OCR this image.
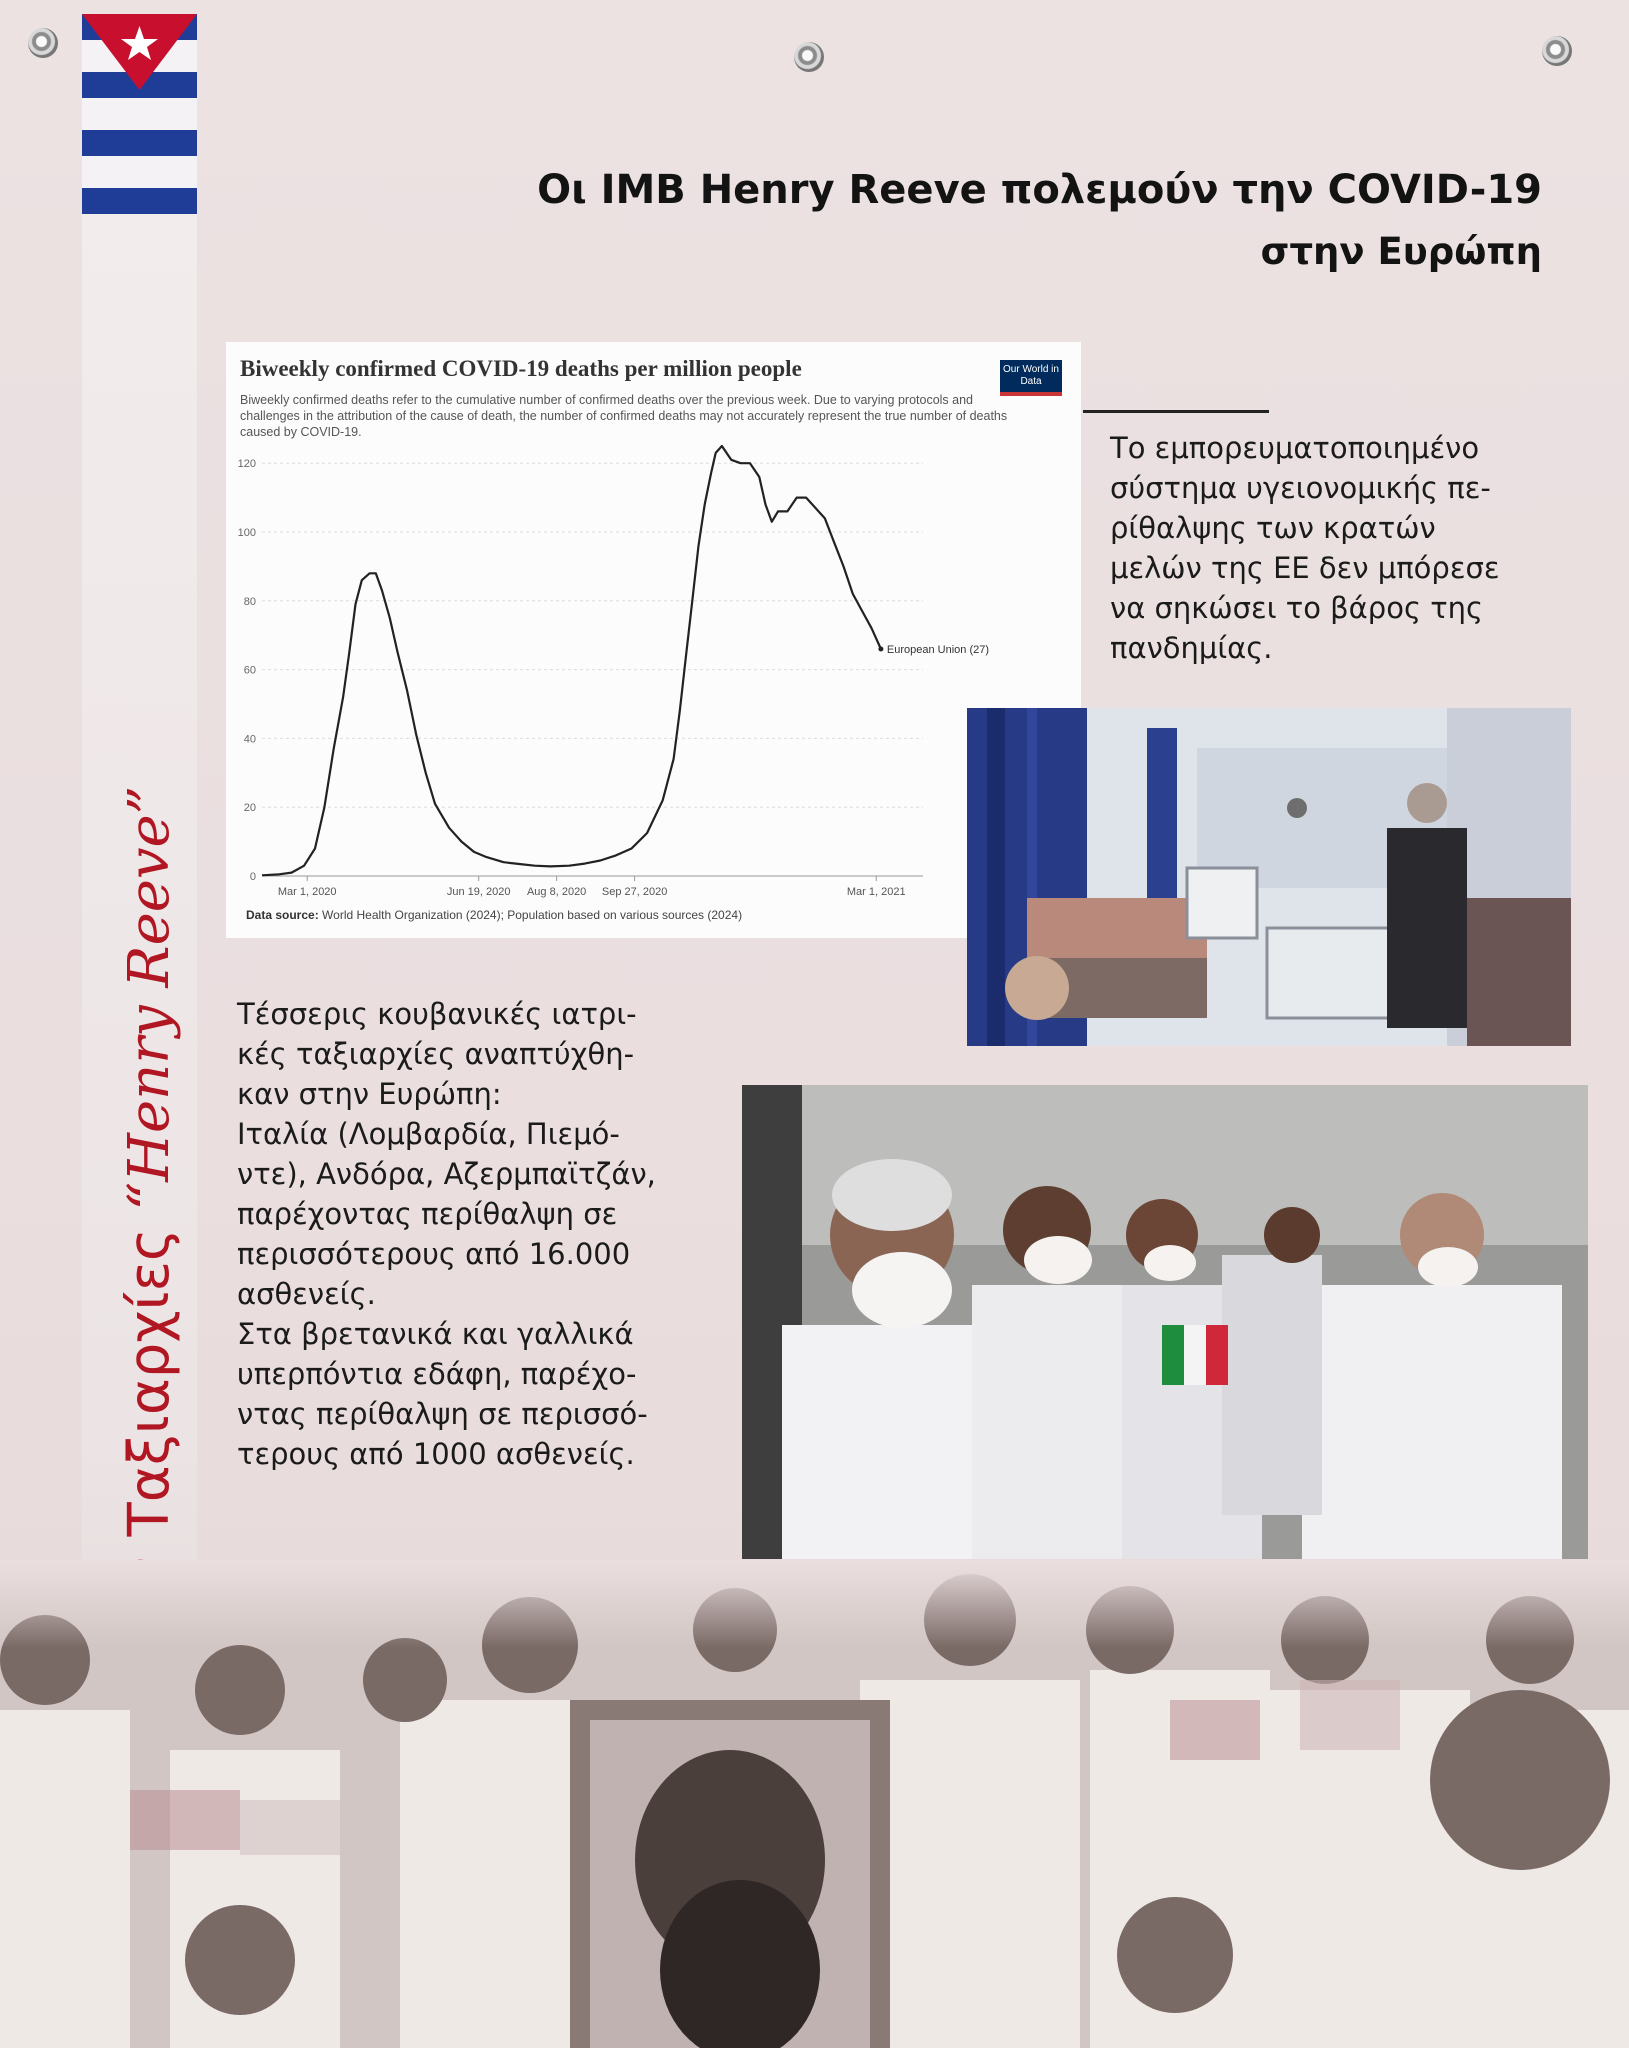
“Henry Reeve”
Οι IMB Henry Reeve πολεμούν την COVID-19
στην Ευρώπη
0
20
40
60
80
100
120
Mar 1, 2020	Jun 19, 2020 Aug 8, 2020 Sep 27, 2020	Mar 1, 2021
European Union (27)
Biweekly confirmed COVID-19 deaths per million people
Biweekly confirmed deaths refer to the cumulative number of confirmed deaths over the previous week. Due to varying protocols and challenges in the attribution of the cause of death, the number of confirmed deaths may not accurately represent the true number of deaths caused by COVID-19.
Our World in Data
Data source: World Health Organization (2024); Population based on various sources (2024)
Το εμπορευματοποιημένο
σύστημα υγειονομικής πε-
ρίθαλψης των κρατών
μελών της ΕΕ δεν μπόρεσε
να σηκώσει το βάρος της
πανδημίας.
Τέσσερις κουβανικές ιατρι-
κές ταξιαρχίες αναπτύχθη-
καν στην Ευρώπη:
Ιταλία (Λομβαρδία, Πιεμό-
ντε), Ανδόρα, Αζερμπαϊτζάν,
παρέχοντας περίθαλψη σε
περισσότερους από 16.000
ασθενείς.
Στα βρετανικά και γαλλικά
υπερπόντια εδάφη, παρέχο-
ντας περίθαλψη σε περισσό-
τερους από 1000 ασθενείς.
